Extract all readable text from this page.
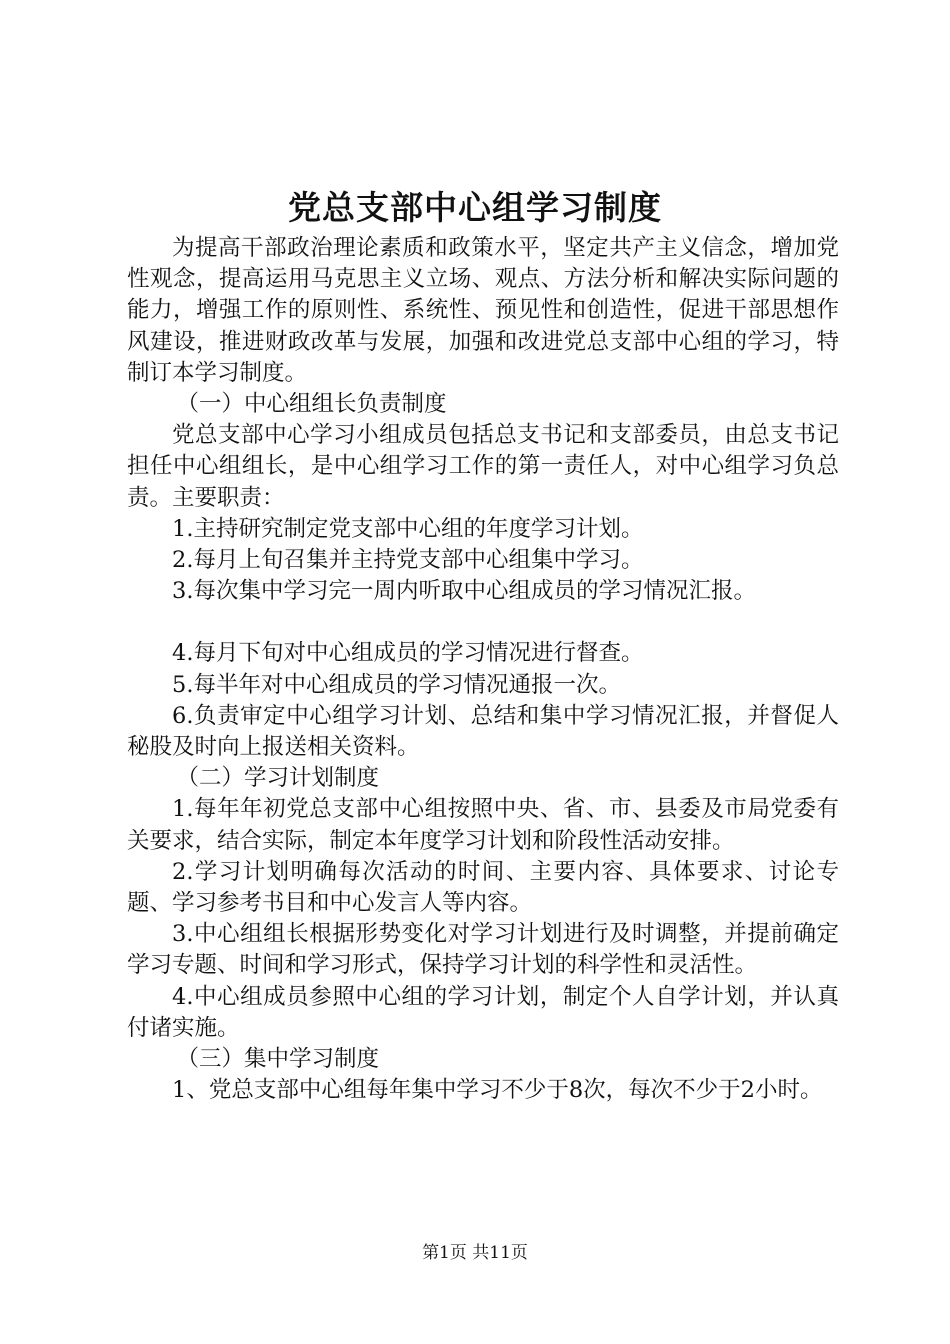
党总支部中心组学习制度

为提高干部政治理论素质和政策水平，坚定共产主义信念，增加党性观念，提高运用马克思主义立场、观点、方法分析和解决实际问题的能力，增强工作的原则性、系统性、预见性和创造性，促进干部思想作风建设，推进财政改革与发展，加强和改进党总支部中心组的学习，特制订本学习制度。

（一）中心组组长负责制度

党总支部中心学习小组成员包括总支书记和支部委员，由总支书记担任中心组组长，是中心组学习工作的第一责任人，对中心组学习负总责。主要职责：

1.主持研究制定党支部中心组的年度学习计划。

2.每月上旬召集并主持党支部中心组集中学习。

3.每次集中学习完一周内听取中心组成员的学习情况汇报。

4.每月下旬对中心组成员的学习情况进行督查。

5.每半年对中心组成员的学习情况通报一次。

6.负责审定中心组学习计划、总结和集中学习情况汇报，并督促人秘股及时向上报送相关资料。

（二）学习计划制度

1.每年年初党总支部中心组按照中央、省、市、县委及市局党委有关要求，结合实际，制定本年度学习计划和阶段性活动安排。

2.学习计划明确每次活动的时间、主要内容、具体要求、讨论专题、学习参考书目和中心发言人等内容。

3.中心组组长根据形势变化对学习计划进行及时调整，并提前确定学习专题、时间和学习形式，保持学习计划的科学性和灵活性。

4.中心组成员参照中心组的学习计划，制定个人自学计划，并认真付诸实施。

（三）集中学习制度

1、党总支部中心组每年集中学习不少于8次，每次不少于2小时。

第1页 共11页
